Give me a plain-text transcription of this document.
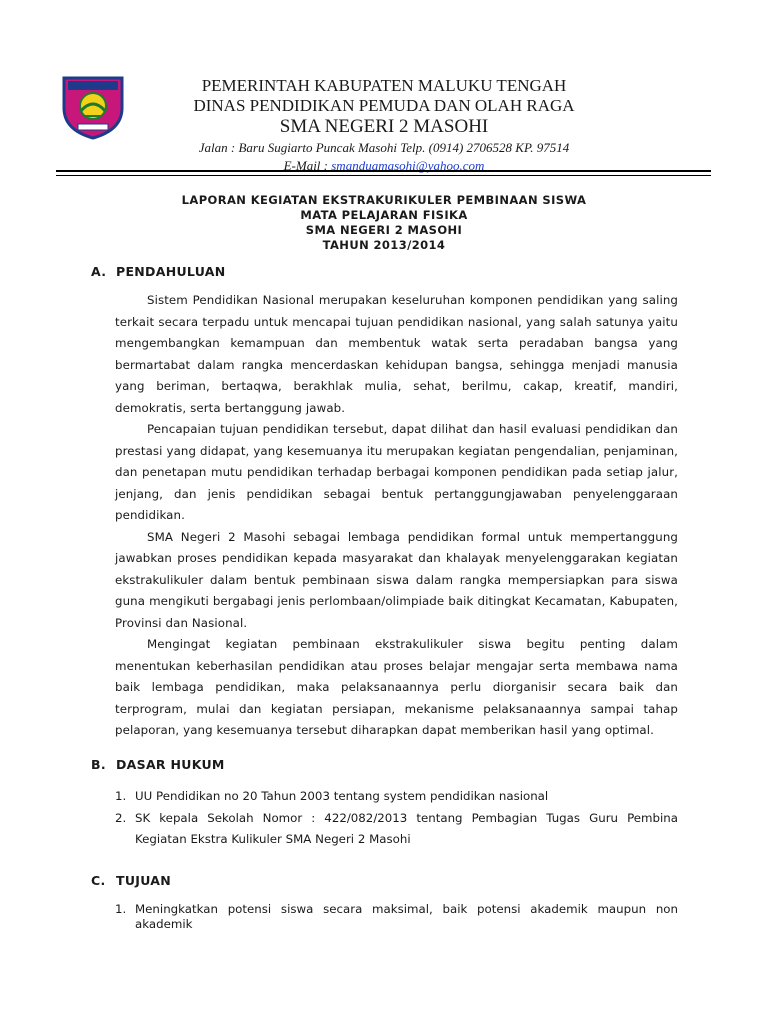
PEMERINTAH KABUPATEN MALUKU TENGAH
DINAS PENDIDIKAN PEMUDA DAN OLAH RAGA
SMA NEGERI 2 MASOHI
Jalan : Baru Sugiarto Puncak Masohi Telp. (0914) 2706528 KP. 97514
E-Mail : smanduamasohi@yahoo.com
LAPORAN KEGIATAN EKSTRAKURIKULER PEMBINAAN SISWA
MATA PELAJARAN FISIKA
SMA NEGERI 2 MASOHI
TAHUN 2013/2014
A. PENDAHULUAN

Sistem Pendidikan Nasional merupakan keseluruhan komponen pendidikan yang saling terkait secara terpadu untuk mencapai tujuan pendidikan nasional, yang salah satunya yaitu mengembangkan kemampuan dan membentuk watak serta peradaban bangsa yang bermartabat dalam rangka mencerdaskan kehidupan bangsa, sehingga menjadi manusia yang beriman, bertaqwa, berakhlak mulia, sehat, berilmu, cakap, kreatif, mandiri, demokratis, serta bertanggung jawab.

Pencapaian tujuan pendidikan tersebut, dapat dilihat dan hasil evaluasi pendidikan dan prestasi yang didapat, yang kesemuanya itu merupakan kegiatan pengendalian, penjaminan, dan penetapan mutu pendidikan terhadap berbagai komponen pendidikan pada setiap jalur, jenjang, dan jenis pendidikan sebagai bentuk pertanggungjawaban penyelenggaraan pendidikan.

SMA Negeri 2 Masohi sebagai lembaga pendidikan formal untuk mempertanggung jawabkan proses pendidikan kepada masyarakat dan khalayak menyelenggarakan kegiatan ekstrakulikuler dalam bentuk pembinaan siswa dalam rangka mempersiapkan para siswa guna mengikuti bergabagi jenis perlombaan/olimpiade baik ditingkat Kecamatan, Kabupaten, Provinsi dan Nasional.

Mengingat kegiatan pembinaan ekstrakulikuler siswa begitu penting dalam menentukan keberhasilan pendidikan atau proses belajar mengajar serta membawa nama baik lembaga pendidikan, maka pelaksanaannya perlu diorganisir secara baik dan terprogram, mulai dan kegiatan persiapan, mekanisme pelaksanaannya sampai tahap pelaporan, yang kesemuanya tersebut diharapkan dapat memberikan hasil yang optimal.

B. DASAR HUKUM
1. UU Pendidikan no 20 Tahun 2003 tentang system pendidikan nasional
2. SK kepala Sekolah Nomor : 422/082/2013 tentang Pembagian Tugas Guru Pembina Kegiatan Ekstra Kulikuler SMA Negeri 2 Masohi
C. TUJUAN
1. Meningkatkan potensi siswa secara maksimal, baik potensi akademik maupun non akademik
